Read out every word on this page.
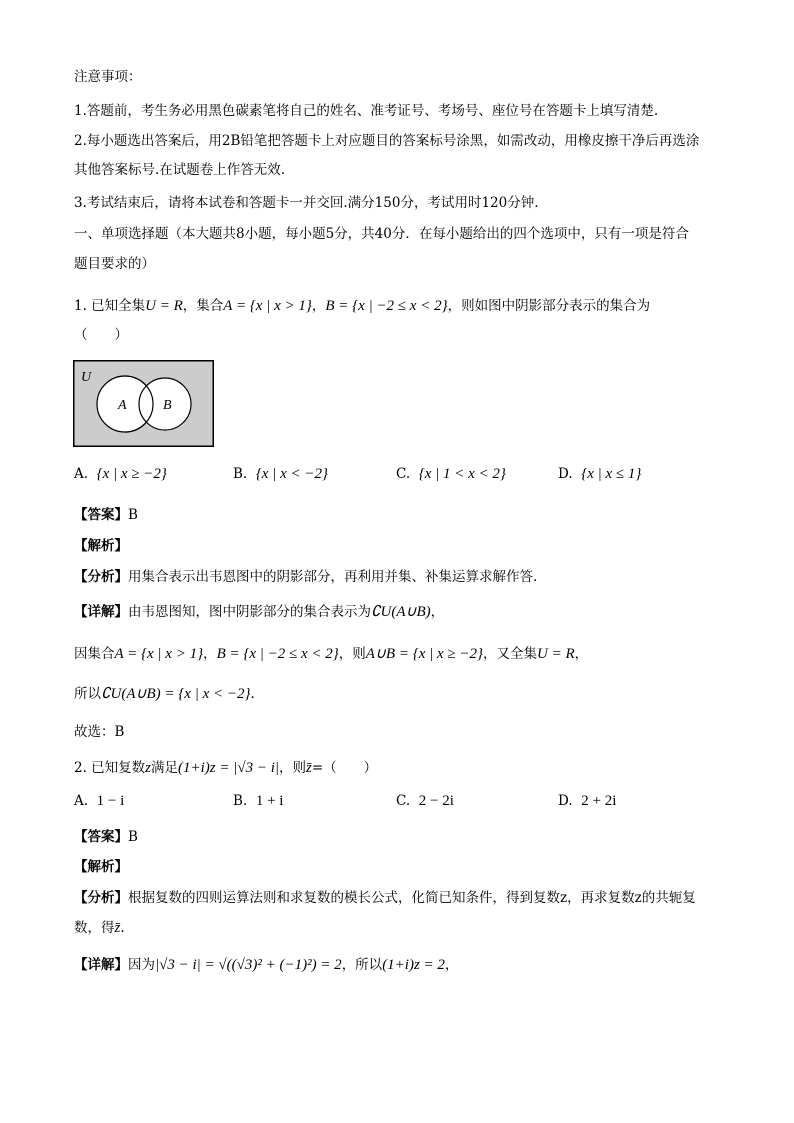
注意事项：
1.答题前，考生务必用黑色碳素笔将自己的姓名、准考证号、考场号、座位号在答题卡上填写清楚.
2.每小题选出答案后，用2B铅笔把答题卡上对应题目的答案标号涂黑，如需改动，用橡皮擦干净后再选涂
其他答案标号.在试题卷上作答无效.
3.考试结束后，请将本试卷和答题卡一并交回.满分150分，考试用时120分钟.
一、单项选择题（本大题共8小题，每小题5分，共40分．在每小题给出的四个选项中，只有一项是符合
题目要求的）
1. 已知全集U = R，集合A = {x | x > 1}，B = {x | −2 ≤ x < 2}，则如图中阴影部分表示的集合为
（　　）
U
A	B
A. {x | x ≥ −2}	B. {x | x < −2}	C. {x | 1 < x < 2}	D. {x | x ≤ 1}
【答案】B
【解析】
【分析】用集合表示出韦恩图中的阴影部分，再利用并集、补集运算求解作答.
【详解】由韦恩图知，图中阴影部分的集合表示为∁U(A∪B)，
因集合A = {x | x > 1}，B = {x | −2 ≤ x < 2}，则A∪B = {x | x ≥ −2}，又全集U = R，
所以∁U(A∪B) = {x | x < −2}.
故选：B
2. 已知复数z满足(1+i)z = |√3 − i|，则z̄=（　　）
A. 1 − i	B. 1 + i	C. 2 − 2i	D. 2 + 2i
【答案】B
【解析】
【分析】根据复数的四则运算法则和求复数的模长公式，化简已知条件，得到复数z，再求复数z的共轭复
数，得z̄.
【详解】因为|√3 − i| = √((√3)² + (−1)²) = 2，所以(1+i)z = 2，
